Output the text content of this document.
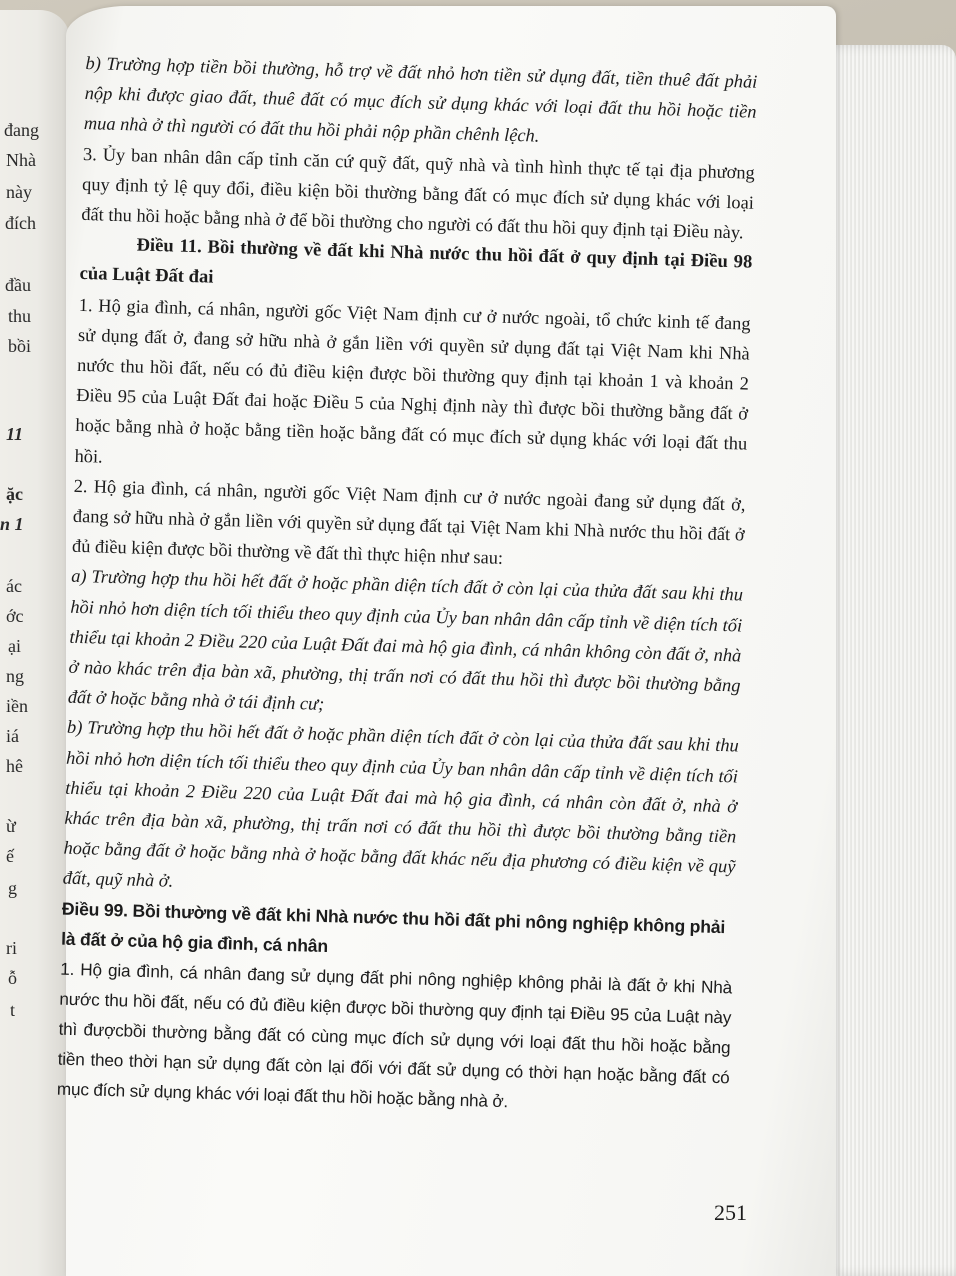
đang
Nhà
này
đích
đầu
thu
bồi
11
ặc
n 1
ác
ớc
ại
ng
iền
iá
hê
ừ
ế
g
ri
ỗ
t

b) Trường hợp tiền bồi thường, hỗ trợ về đất nhỏ hơn tiền sử dụng đất, tiền thuê đất phải nộp khi được giao đất, thuê đất có mục đích sử dụng khác với loại đất thu hồi hoặc tiền mua nhà ở thì người có đất thu hồi phải nộp phần chênh lệch.

3. Ủy ban nhân dân cấp tỉnh căn cứ quỹ đất, quỹ nhà và tình hình thực tế tại địa phương quy định tỷ lệ quy đổi, điều kiện bồi thường bằng đất có mục đích sử dụng khác với loại đất thu hồi hoặc bằng nhà ở để bồi thường cho người có đất thu hồi quy định tại Điều này.

Điều 11. Bồi thường về đất khi Nhà nước thu hồi đất ở quy định tại Điều 98 của Luật Đất đai

1. Hộ gia đình, cá nhân, người gốc Việt Nam định cư ở nước ngoài, tổ chức kinh tế đang sử dụng đất ở, đang sở hữu nhà ở gắn liền với quyền sử dụng đất tại Việt Nam khi Nhà nước thu hồi đất, nếu có đủ điều kiện được bồi thường quy định tại khoản 1 và khoản 2 Điều 95 của Luật Đất đai hoặc Điều 5 của Nghị định này thì được bồi thường bằng đất ở hoặc bằng nhà ở hoặc bằng tiền hoặc bằng đất có mục đích sử dụng khác với loại đất thu hồi.

2. Hộ gia đình, cá nhân, người gốc Việt Nam định cư ở nước ngoài đang sử dụng đất ở, đang sở hữu nhà ở gắn liền với quyền sử dụng đất tại Việt Nam khi Nhà nước thu hồi đất ở đủ điều kiện được bồi thường về đất thì thực hiện như sau:

a) Trường hợp thu hồi hết đất ở hoặc phần diện tích đất ở còn lại của thửa đất sau khi thu hồi nhỏ hơn diện tích tối thiểu theo quy định của Ủy ban nhân dân cấp tỉnh về diện tích tối thiểu tại khoản 2 Điều 220 của Luật Đất đai mà hộ gia đình, cá nhân không còn đất ở, nhà ở nào khác trên địa bàn xã, phường, thị trấn nơi có đất thu hồi thì được bồi thường bằng đất ở hoặc bằng nhà ở tái định cư;

b) Trường hợp thu hồi hết đất ở hoặc phần diện tích đất ở còn lại của thửa đất sau khi thu hồi nhỏ hơn diện tích tối thiểu theo quy định của Ủy ban nhân dân cấp tỉnh về diện tích tối thiểu tại khoản 2 Điều 220 của Luật Đất đai mà hộ gia đình, cá nhân còn đất ở, nhà ở khác trên địa bàn xã, phường, thị trấn nơi có đất thu hồi thì được bồi thường bằng tiền hoặc bằng đất ở hoặc bằng nhà ở hoặc bằng đất khác nếu địa phương có điều kiện về quỹ đất, quỹ nhà ở.

Điều 99. Bồi thường về đất khi Nhà nước thu hồi đất phi nông nghiệp không phải là đất ở của hộ gia đình, cá nhân

1. Hộ gia đình, cá nhân đang sử dụng đất phi nông nghiệp không phải là đất ở khi Nhà nước thu hồi đất, nếu có đủ điều kiện được bồi thường quy định tại Điều 95 của Luật này thì đượcbồi thường bằng đất có cùng mục đích sử dụng với loại đất thu hồi hoặc bằng tiền theo thời hạn sử dụng đất còn lại đối với đất sử dụng có thời hạn hoặc bằng đất có mục đích sử dụng khác với loại đất thu hồi hoặc bằng nhà ở.

251
